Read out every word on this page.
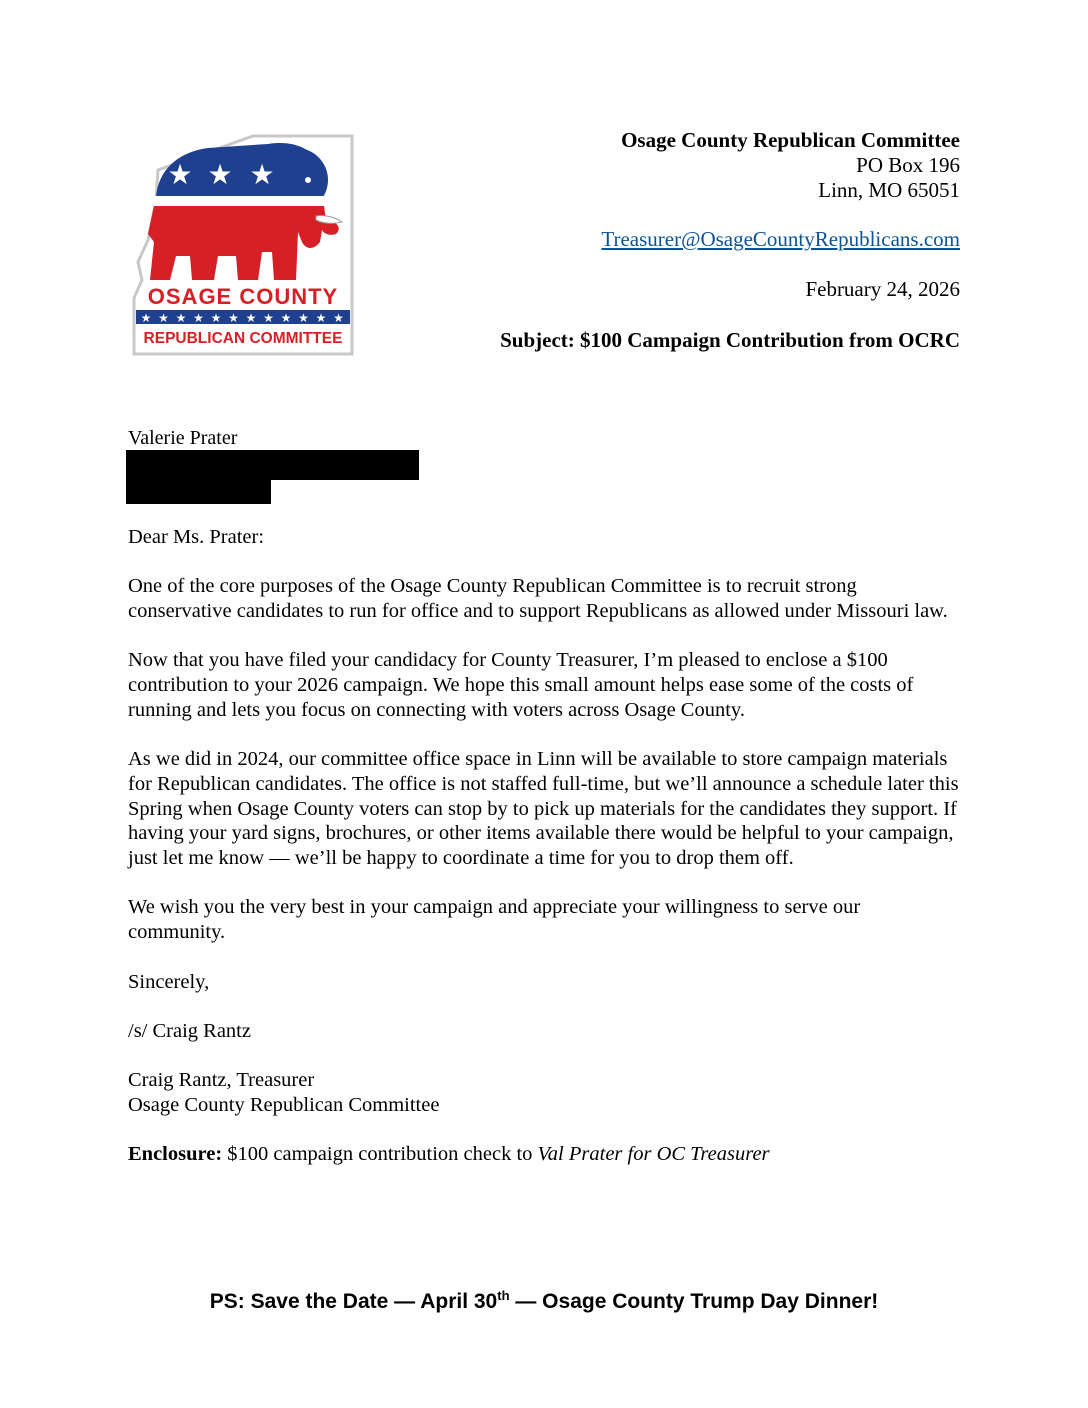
★ ★ ★
OSAGE COUNTY
★ ★ ★ ★ ★ ★ ★ ★ ★ ★ ★ ★
REPUBLICAN COMMITTEE
Osage County Republican Committee
PO Box 196
Linn, MO 65051
Treasurer@OsageCountyRepublicans.com
February 24, 2026
Subject: $100 Campaign Contribution from OCRC
Valerie Prater

Dear Ms. Prater:

One of the core purposes of the Osage County Republican Committee is to recruit strong conservative candidates to run for office and to support Republicans as allowed under Missouri law.

Now that you have filed your candidacy for County Treasurer, I’m pleased to enclose a $100 contribution to your 2026 campaign. We hope this small amount helps ease some of the costs of running and lets you focus on connecting with voters across Osage County.

As we did in 2024, our committee office space in Linn will be available to store campaign materials for Republican candidates. The office is not staffed full-time, but we’ll announce a schedule later this Spring when Osage County voters can stop by to pick up materials for the candidates they support. If having your yard signs, brochures, or other items available there would be helpful to your campaign, just let me know — we’ll be happy to coordinate a time for you to drop them off.

We wish you the very best in your campaign and appreciate your willingness to serve our community.

Sincerely,

/s/ Craig Rantz

Craig Rantz, Treasurer
Osage County Republican Committee

Enclosure: $100 campaign contribution check to Val Prater for OC Treasurer

PS: Save the Date — April 30th — Osage County Trump Day Dinner!
